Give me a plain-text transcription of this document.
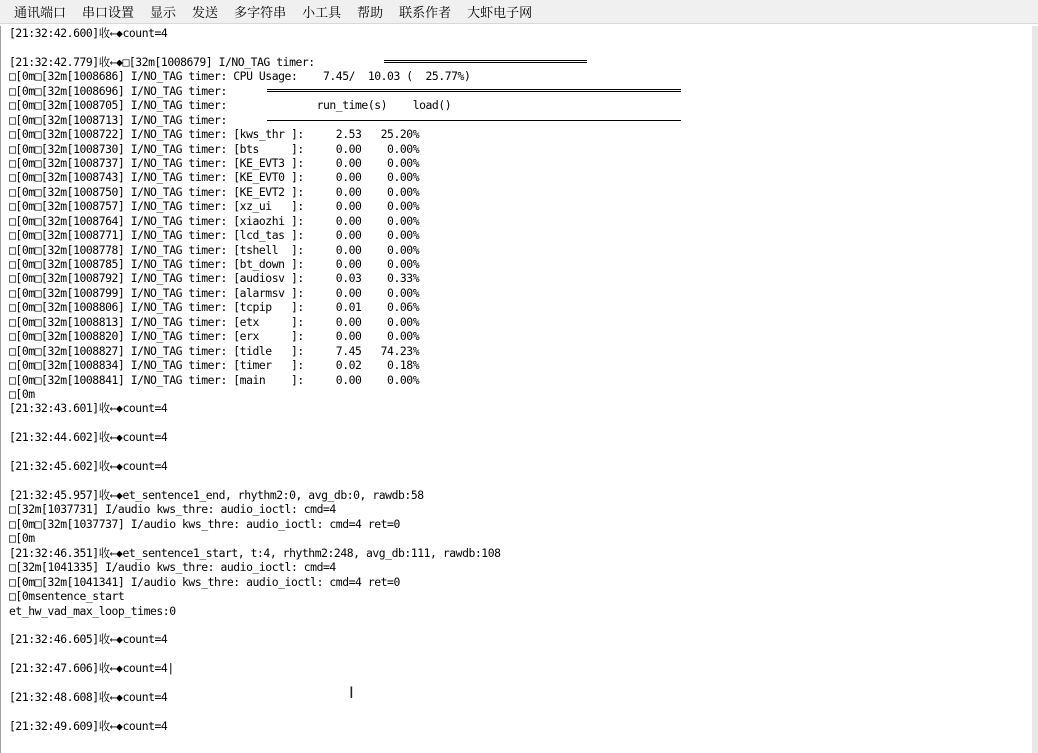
通讯端口	串口设置	显示	发送	多字符串	小工具	帮助	联系作者	大虾电子网
[21:32:42.600]收←◆count=4
[21:32:42.779]收←◆□[32m[1008679] I/NO_TAG timer:
□[0m□[32m[1008686] I/NO_TAG timer: CPU Usage:    7.45/  10.03 (  25.77%)
□[0m□[32m[1008696] I/NO_TAG timer:
□[0m□[32m[1008705] I/NO_TAG timer:              run_time(s)    load()
□[0m□[32m[1008713] I/NO_TAG timer:
□[0m□[32m[1008722] I/NO_TAG timer: [kws_thr ]:     2.53   25.20%
□[0m□[32m[1008730] I/NO_TAG timer: [bts     ]:     0.00    0.00%
□[0m□[32m[1008737] I/NO_TAG timer: [KE_EVT3 ]:     0.00    0.00%
□[0m□[32m[1008743] I/NO_TAG timer: [KE_EVT0 ]:     0.00    0.00%
□[0m□[32m[1008750] I/NO_TAG timer: [KE_EVT2 ]:     0.00    0.00%
□[0m□[32m[1008757] I/NO_TAG timer: [xz_ui   ]:     0.00    0.00%
□[0m□[32m[1008764] I/NO_TAG timer: [xiaozhi ]:     0.00    0.00%
□[0m□[32m[1008771] I/NO_TAG timer: [lcd_tas ]:     0.00    0.00%
□[0m□[32m[1008778] I/NO_TAG timer: [tshell  ]:     0.00    0.00%
□[0m□[32m[1008785] I/NO_TAG timer: [bt_down ]:     0.00    0.00%
□[0m□[32m[1008792] I/NO_TAG timer: [audiosv ]:     0.03    0.33%
□[0m□[32m[1008799] I/NO_TAG timer: [alarmsv ]:     0.00    0.00%
□[0m□[32m[1008806] I/NO_TAG timer: [tcpip   ]:     0.01    0.06%
□[0m□[32m[1008813] I/NO_TAG timer: [etx     ]:     0.00    0.00%
□[0m□[32m[1008820] I/NO_TAG timer: [erx     ]:     0.00    0.00%
□[0m□[32m[1008827] I/NO_TAG timer: [tidle   ]:     7.45   74.23%
□[0m□[32m[1008834] I/NO_TAG timer: [timer   ]:     0.02    0.18%
□[0m□[32m[1008841] I/NO_TAG timer: [main    ]:     0.00    0.00%
□[0m
[21:32:43.601]收←◆count=4
[21:32:44.602]收←◆count=4
[21:32:45.602]收←◆count=4
[21:32:45.957]收←◆et_sentence1_end, rhythm2:0, avg_db:0, rawdb:58
□[32m[1037731] I/audio kws_thre: audio_ioctl: cmd=4
□[0m□[32m[1037737] I/audio kws_thre: audio_ioctl: cmd=4 ret=0
□[0m
[21:32:46.351]收←◆et_sentence1_start, t:4, rhythm2:248, avg_db:111, rawdb:108
□[32m[1041335] I/audio kws_thre: audio_ioctl: cmd=4
□[0m□[32m[1041341] I/audio kws_thre: audio_ioctl: cmd=4 ret=0
□[0msentence_start
et_hw_vad_max_loop_times:0
[21:32:46.605]收←◆count=4
[21:32:47.606]收←◆count=4|
[21:32:48.608]收←◆count=4
[21:32:49.609]收←◆count=4
I
